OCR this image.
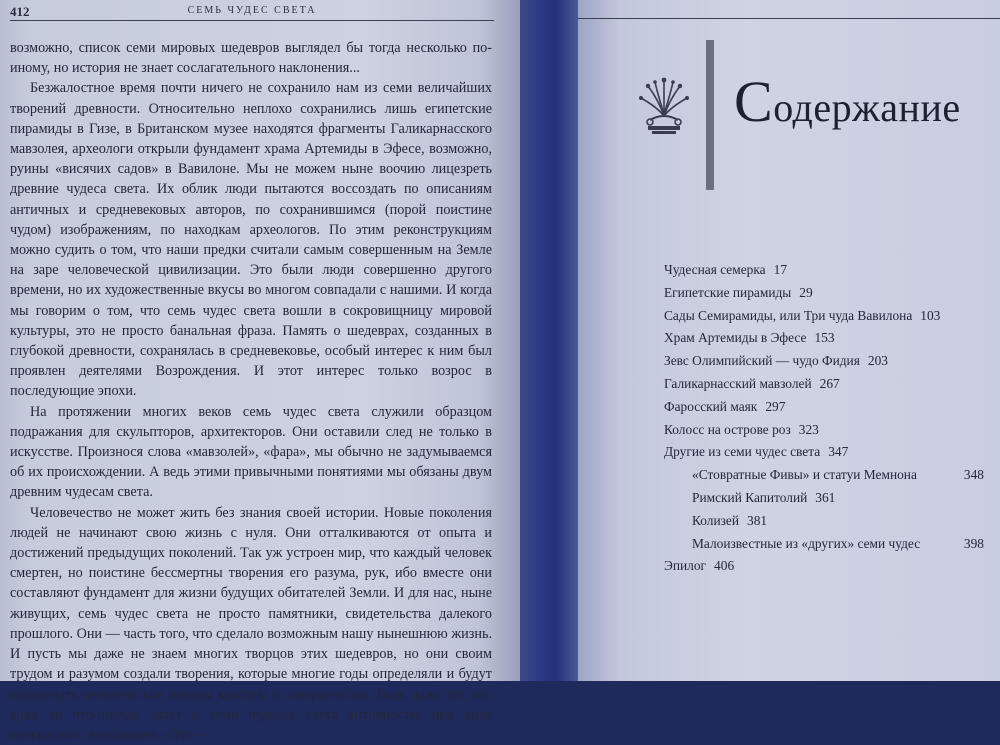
412	СЕМЬ ЧУДЕС СВЕТА

возможно, список семи мировых шедевров выглядел бы тогда несколько по-иному, но история не знает сослагательного наклонения...

Безжалостное время почти ничего не сохранило нам из семи величайших творений древности. Относительно неплохо сохранились лишь египетские пирамиды в Гизе, в Британском музее находятся фрагменты Галикарнасского мавзолея, археологи открыли фундамент храма Артемиды в Эфесе, возможно, руины «висячих садов» в Вавилоне. Мы не можем ныне воочию лицезреть древние чудеса света. Их облик люди пытаются воссоздать по описаниям античных и средневековых авторов, по сохранившимся (порой поистине чудом) изображениям, по находкам археологов. По этим реконструкциям можно судить о том, что наши предки считали самым совершенным на Земле на заре человеческой цивилизации. Это были люди совершенно другого времени, но их художественные вкусы во многом совпадали с нашими. И когда мы говорим о том, что семь чудес света вошли в сокровищницу мировой культуры, это не просто банальная фраза. Память о шедеврах, созданных в глубокой древности, сохранялась в средневековье, особый интерес к ним был проявлен деятелями Возрождения. И этот интерес только возрос в последующие эпохи.

На протяжении многих веков семь чудес света служили образцом подражания для скульпторов, архитекторов. Они оставили след не только в искусстве. Произнося слова «мавзолей», «фара», мы обычно не задумываемся об их происхождении. А ведь этими привычными понятиями мы обязаны двум древним чудесам света.

Человечество не может жить без знания своей истории. Новые поколения людей не начинают свою жизнь с нуля. Они отталкиваются от опыта и достижений предыдущих поколений. Так уж устроен мир, что каждый человек смертен, но поистине бессмертны творения его разума, рук, ибо вместе они составляют фундамент для жизни будущих обитателей Земли. И для нас, ныне живущих, семь чудес света не просто памятники, свидетельства далекого прошлого. Они — часть того, что сделало возможным нашу нынешнюю жизнь. И пусть мы даже не знаем многих творцов этих шедевров, но они своим трудом и разумом создали творения, которые многие годы определяли и будут определять человеческие идеалы красоты и совершенства. Ведь даже тот, кто вряд ли что-нибудь знает о семи чудесах света античности, при виде прекрасного воскликает: «Это —

Содержание
Чудесная семерка 17
Египетские пирамиды 29
Сады Семирамиды, или Три чуда Вавилона 103
Храм Артемиды в Эфесе 153
Зевс Олимпийский — чудо Фидия 203
Галикарнасский мавзолей 267
Фаросский маяк 297
Колосс на острове роз 323
Другие из семи чудес света 347
«Стовратные Фивы» и статуи Мемнона	348
Римский Капитолий 361
Колизей 381
Малоизвестные из «других» семи чудес	398
Эпилог 406
